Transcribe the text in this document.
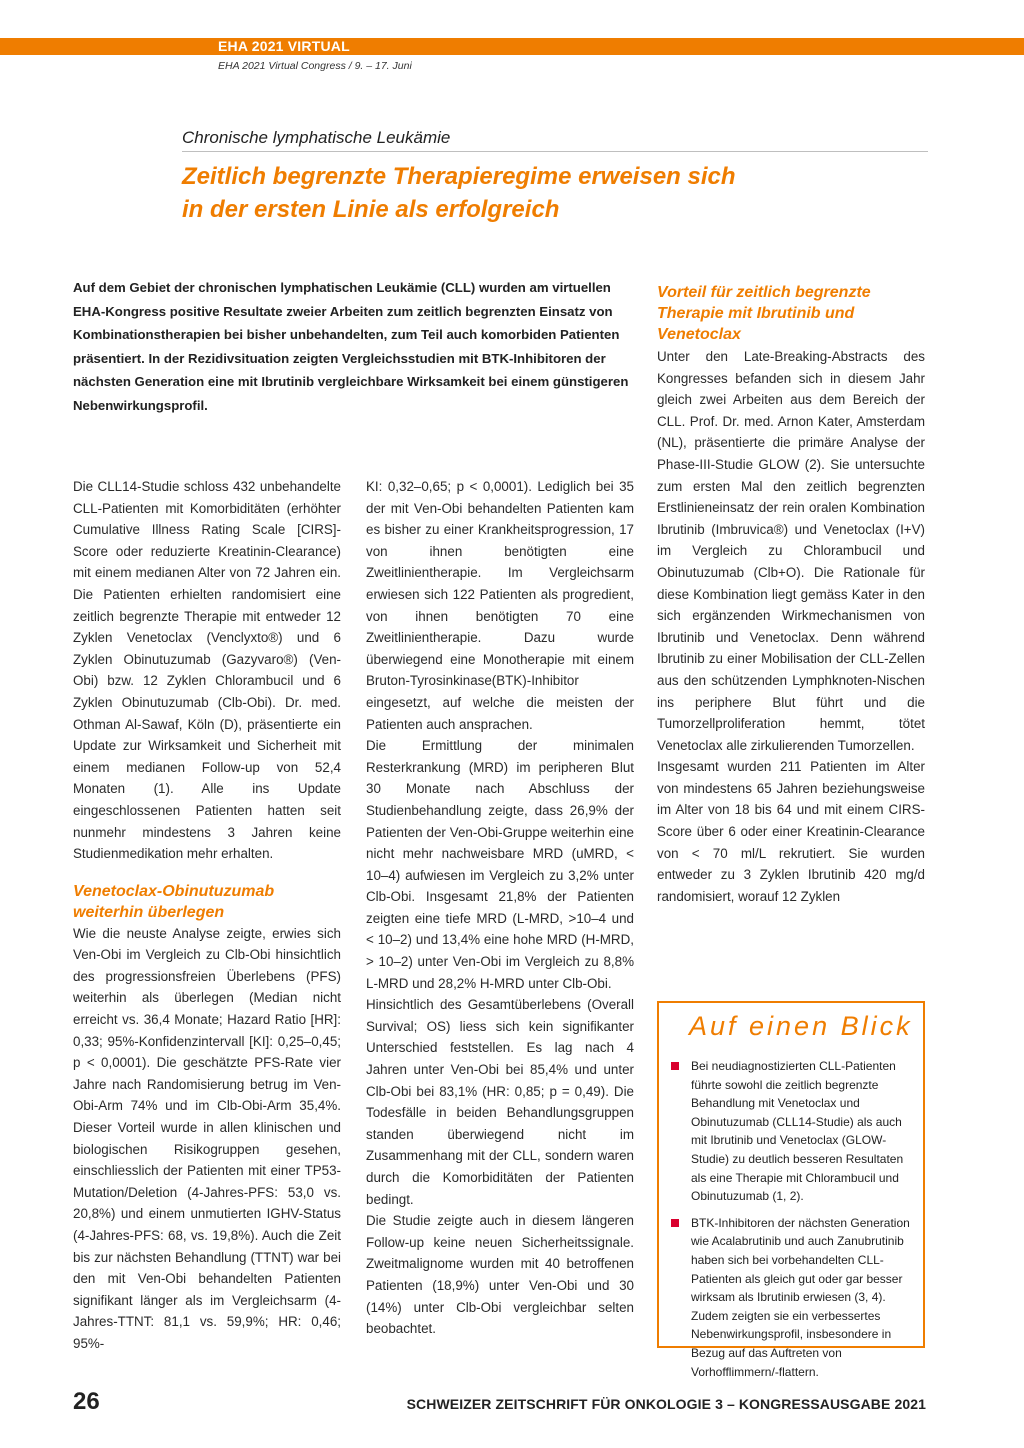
EHA 2021 VIRTUAL
EHA 2021 Virtual Congress / 9. – 17. Juni
Chronische lymphatische Leukämie
Zeitlich begrenzte Therapieregime erweisen sich
in der ersten Linie als erfolgreich
Auf dem Gebiet der chronischen lymphatischen Leukämie (CLL) wurden am virtuellen EHA-Kongress positive Resultate zweier Arbeiten zum zeitlich begrenzten Einsatz von Kombinationstherapien bei bisher unbehandelten, zum Teil auch komorbiden Patienten präsentiert. In der Rezidivsituation zeigten Vergleichsstudien mit BTK-Inhibitoren der nächsten Generation eine mit Ibrutinib vergleichbare Wirksamkeit bei einem günstigeren Nebenwirkungsprofil.

Die CLL14-Studie schloss 432 unbehandelte CLL-Patienten mit Komorbiditäten (erhöhter Cumulative Illness Rating Scale [CIRS]-Score oder reduzierte Kreatinin-Clearance) mit einem medianen Alter von 72 Jahren ein. Die Patienten erhielten randomisiert eine zeitlich begrenzte Therapie mit entweder 12 Zyklen Venetoclax (Venclyxto®) und 6 Zyklen Obinutuzumab (Gazyvaro®) (Ven-Obi) bzw. 12 Zyklen Chlorambucil und 6 Zyklen Obinutuzumab (Clb-Obi). Dr. med. Othman Al-Sawaf, Köln (D), präsentierte ein Update zur Wirksamkeit und Sicherheit mit einem medianen Follow-up von 52,4 Monaten (1). Alle ins Update eingeschlossenen Patienten hatten seit nunmehr mindestens 3 Jahren keine Studienmedikation mehr erhalten.

Venetoclax-Obinutuzumab weiterhin überlegen

Wie die neuste Analyse zeigte, erwies sich Ven-Obi im Vergleich zu Clb-Obi hinsichtlich des progressionsfreien Überlebens (PFS) weiterhin als überlegen (Median nicht erreicht vs. 36,4 Monate; Hazard Ratio [HR]: 0,33; 95%-Konfidenzintervall [KI]: 0,25–0,45; p < 0,0001). Die geschätzte PFS-Rate vier Jahre nach Randomisierung betrug im Ven-Obi-Arm 74% und im Clb-Obi-Arm 35,4%. Dieser Vorteil wurde in allen klinischen und biologischen Risikogruppen gesehen, einschliesslich der Patienten mit einer TP53-Mutation/Deletion (4-Jahres-PFS: 53,0 vs. 20,8%) und einem unmutierten IGHV-Status (4-Jahres-PFS: 68, vs. 19,8%). Auch die Zeit bis zur nächsten Behandlung (TTNT) war bei den mit Ven-Obi behandelten Patienten signifikant länger als im Vergleichsarm (4-Jahres-TTNT: 81,1 vs. 59,9%; HR: 0,46; 95%-

KI: 0,32–0,65; p < 0,0001). Lediglich bei 35 der mit Ven-Obi behandelten Patienten kam es bisher zu einer Krankheitsprogression, 17 von ihnen benötigten eine Zweitlinientherapie. Im Vergleichsarm erwiesen sich 122 Patienten als progredient, von ihnen benötigten 70 eine Zweitlinientherapie. Dazu wurde überwiegend eine Monotherapie mit einem Bruton-Tyrosinkinase(BTK)-Inhibitor eingesetzt, auf welche die meisten der Patienten auch ansprachen.

Die Ermittlung der minimalen Resterkrankung (MRD) im peripheren Blut 30 Monate nach Abschluss der Studienbehandlung zeigte, dass 26,9% der Patienten der Ven-Obi-Gruppe weiterhin eine nicht mehr nachweisbare MRD (uMRD, < 10–4) aufwiesen im Vergleich zu 3,2% unter Clb-Obi. Insgesamt 21,8% der Patienten zeigten eine tiefe MRD (L-MRD, >10–4 und < 10–2) und 13,4% eine hohe MRD (H-MRD, > 10–2) unter Ven-Obi im Vergleich zu 8,8% L-MRD und 28,2% H-MRD unter Clb-Obi.

Hinsichtlich des Gesamtüberlebens (Overall Survival; OS) liess sich kein signifikanter Unterschied feststellen. Es lag nach 4 Jahren unter Ven-Obi bei 85,4% und unter Clb-Obi bei 83,1% (HR: 0,85; p = 0,49). Die Todesfälle in beiden Behandlungsgruppen standen überwiegend nicht im Zusammenhang mit der CLL, sondern waren durch die Komorbiditäten der Patienten bedingt.

Die Studie zeigte auch in diesem längeren Follow-up keine neuen Sicherheitssignale. Zweitmalignome wurden mit 40 betroffenen Patienten (18,9%) unter Ven-Obi und 30 (14%) unter Clb-Obi vergleichbar selten beobachtet.

Vorteil für zeitlich begrenzte Therapie mit Ibrutinib und Venetoclax

Unter den Late-Breaking-Abstracts des Kongresses befanden sich in diesem Jahr gleich zwei Arbeiten aus dem Bereich der CLL. Prof. Dr. med. Arnon Kater, Amsterdam (NL), präsentierte die primäre Analyse der Phase-III-Studie GLOW (2). Sie untersuchte zum ersten Mal den zeitlich begrenzten Erstlinieneinsatz der rein oralen Kombination Ibrutinib (Imbruvica®) und Venetoclax (I+V) im Vergleich zu Chlorambucil und Obinutuzumab (Clb+O). Die Rationale für diese Kombination liegt gemäss Kater in den sich ergänzenden Wirkmechanismen von Ibrutinib und Venetoclax. Denn während Ibrutinib zu einer Mobilisation der CLL-Zellen aus den schützenden Lymphknoten-Nischen ins periphere Blut führt und die Tumorzellproliferation hemmt, tötet Venetoclax alle zirkulierenden Tumorzellen.

Insgesamt wurden 211 Patienten im Alter von mindestens 65 Jahren beziehungsweise im Alter von 18 bis 64 und mit einem CIRS-Score über 6 oder einer Kreatinin-Clearance von < 70 ml/L rekrutiert. Sie wurden entweder zu 3 Zyklen Ibrutinib 420 mg/d randomisiert, worauf 12 Zyklen

Auf einen Blick
Bei neudiagnostizierten CLL-Patienten führte sowohl die zeitlich begrenzte Behandlung mit Venetoclax und Obinutuzumab (CLL14-Studie) als auch mit Ibrutinib und Venetoclax (GLOW-Studie) zu deutlich besseren Resultaten als eine Therapie mit Chlorambucil und Obinutuzumab (1, 2).
BTK-Inhibitoren der nächsten Generation wie Acalabrutinib und auch Zanubrutinib haben sich bei vorbehandelten CLL-Patienten als gleich gut oder gar besser wirksam als Ibrutinib erwiesen (3, 4). Zudem zeigten sie ein verbessertes Nebenwirkungsprofil, insbesondere in Bezug auf das Auftreten von Vorhofflimmern/-flattern.
26	SCHWEIZER ZEITSCHRIFT FÜR ONKOLOGIE 3 – KONGRESSAUSGABE 2021
